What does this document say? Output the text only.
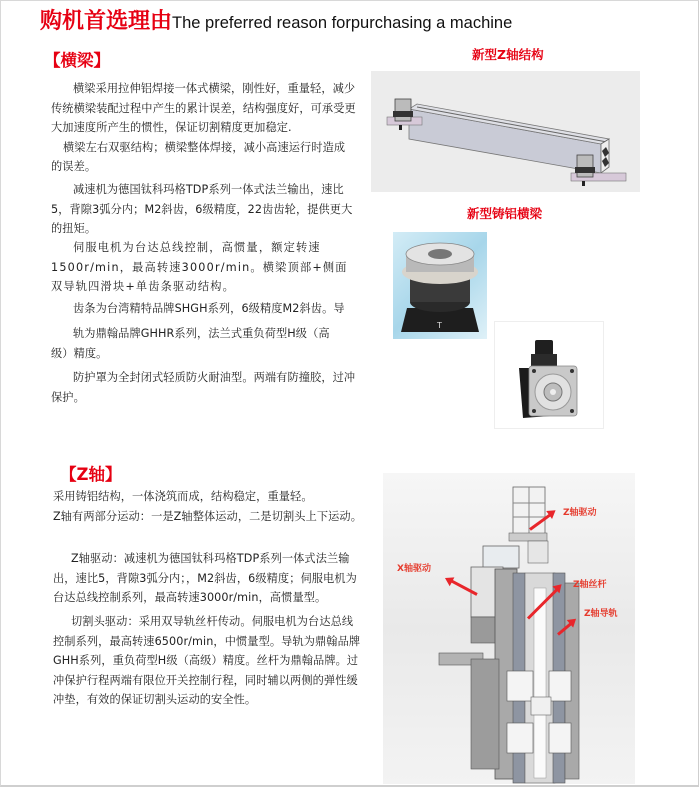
购机首选理由The preferred reason forpurchasing a machine
【横梁】
横梁采用拉伸铝焊接一体式横梁，刚性好，重量轻，减少传统横梁装配过程中产生的累计误差，结构强度好，可承受更大加速度所产生的惯性，保证切割精度更加稳定.
横梁左右双驱结构；横梁整体焊接，减小高速运行时造成的误差。
减速机为德国钛科玛格TDP系列一体式法兰输出，速比5，背隙3弧分内；M2斜齿，6级精度，22齿齿轮，提供更大的扭矩。
伺服电机为台达总线控制，高惯量，额定转速1500r/min，最高转速3000r/min。横梁顶部+侧面双导轨四滑块+单齿条驱动结构。
齿条为台湾精特品牌SHGH系列，6级精度M2斜齿。导
轨为鼎翰品牌GHHR系列，法兰式重负荷型H级（高级）精度。
防护罩为全封闭式轻质防火耐油型。两端有防撞胶，过冲保护。
新型Z轴结构
新型铸铝横梁
T
【Z轴】
采用铸铝结构，一体浇筑而成，结构稳定，重量轻。
Z轴有两部分运动：一是Z轴整体运动，二是切割头上下运动。
Z轴驱动：减速机为德国钛科玛格TDP系列一体式法兰输出，速比5，背隙3弧分内；，M2斜齿，6级精度；伺服电机为台达总线控制系列，最高转速3000r/min，高惯量型。
切割头驱动：采用双导轨丝杆传动。伺服电机为台达总线控制系列，最高转速6500r/min，中惯量型。导轨为鼎翰品牌GHH系列，重负荷型H级（高级）精度。丝杆为鼎翰品牌。过冲保护行程两端有限位开关控制行程，同时辅以两侧的弹性缓冲垫，有效的保证切割头运动的安全性。
Z轴驱动
X轴驱动
Z轴丝杆
Z轴导轨
